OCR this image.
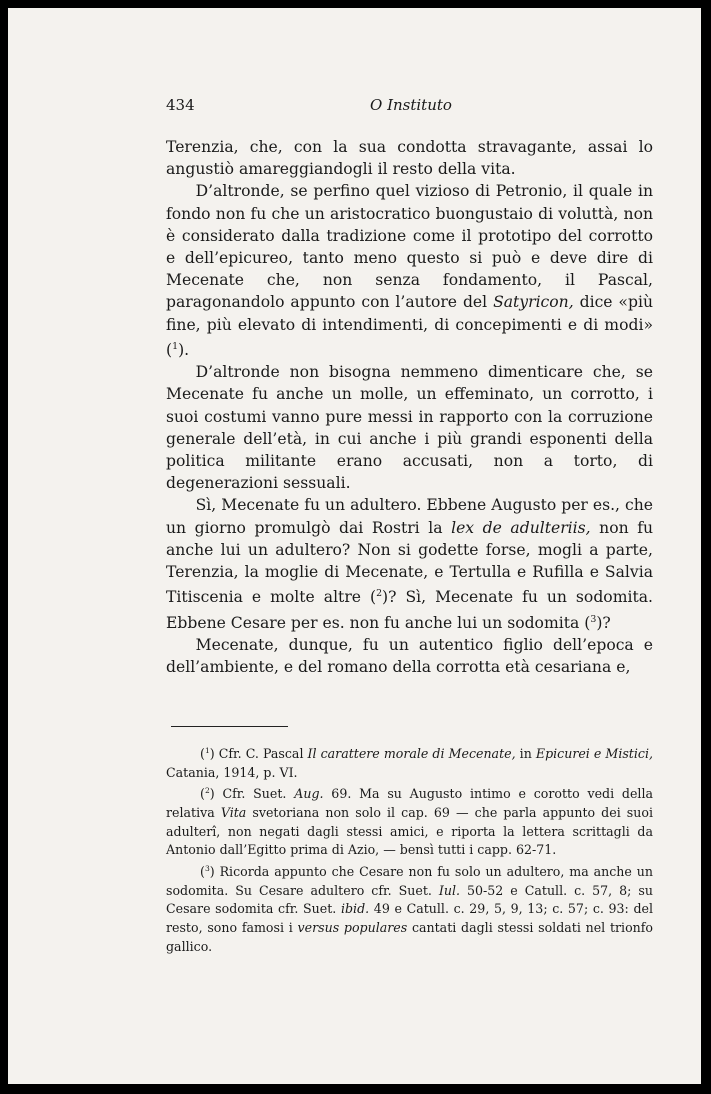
434	O Instituto

Terenzia, che, con la sua condotta stravagante, assai lo angustiò amareggiandogli il resto della vita.

D’altronde, se perfino quel vizioso di Petronio, il quale in fondo non fu che un aristocratico buongustaio di voluttà, non è considerato dalla tradizione come il prototipo del corrotto e dell’epicureo, tanto meno questo si può e deve dire di Mecenate che, non senza fondamento, il Pascal, paragonandolo appunto con l’autore del Satyricon, dice «più fine, più elevato di intendimenti, di concepimenti e di modi» ($^1$).

D’altronde non bisogna nemmeno dimenticare che, se Mecenate fu anche un molle, un effeminato, un corrotto, i suoi costumi vanno pure messi in rapporto con la corruzione generale dell’età, in cui anche i più grandi esponenti della politica militante erano accusati, non a torto, di degenerazioni sessuali.

Sì, Mecenate fu un adultero. Ebbene Augusto per es., che un giorno promulgò dai Rostri la lex de adulteriis, non fu anche lui un adultero? Non si godette forse, mogli a parte, Terenzia, la moglie di Mecenate, e Tertulla e Rufilla e Salvia Titiscenia e molte altre ($^2$)? Sì, Mecenate fu un sodomita. Ebbene Cesare per es. non fu anche lui un sodomita ($^3$)?

Mecenate, dunque, fu un autentico figlio dell’epoca e dell’ambiente, e del romano della corrotta età cesariana e,

($^1$) Cfr. C. Pascal Il carattere morale di Mecenate, in Epicurei e Mistici, Catania, 1914, p. VI.

($^2$) Cfr. Suet. Aug. 69. Ma su Augusto intimo e corotto vedi della relativa Vita svetoriana non solo il cap. 69 — che parla appunto dei suoi adulterî, non negati dagli stessi amici, e riporta la lettera scrittagli da Antonio dall’Egitto prima di Azio, — bensì tutti i capp. 62-71.

($^3$) Ricorda appunto che Cesare non fu solo un adultero, ma anche un sodomita. Su Cesare adultero cfr. Suet. Iul. 50-52 e Catull. c. 57, 8; su Cesare sodomita cfr. Suet. ibid. 49 e Catull. c. 29, 5, 9, 13; c. 57; c. 93: del resto, sono famosi i versus populares cantati dagli stessi soldati nel trionfo gallico.
